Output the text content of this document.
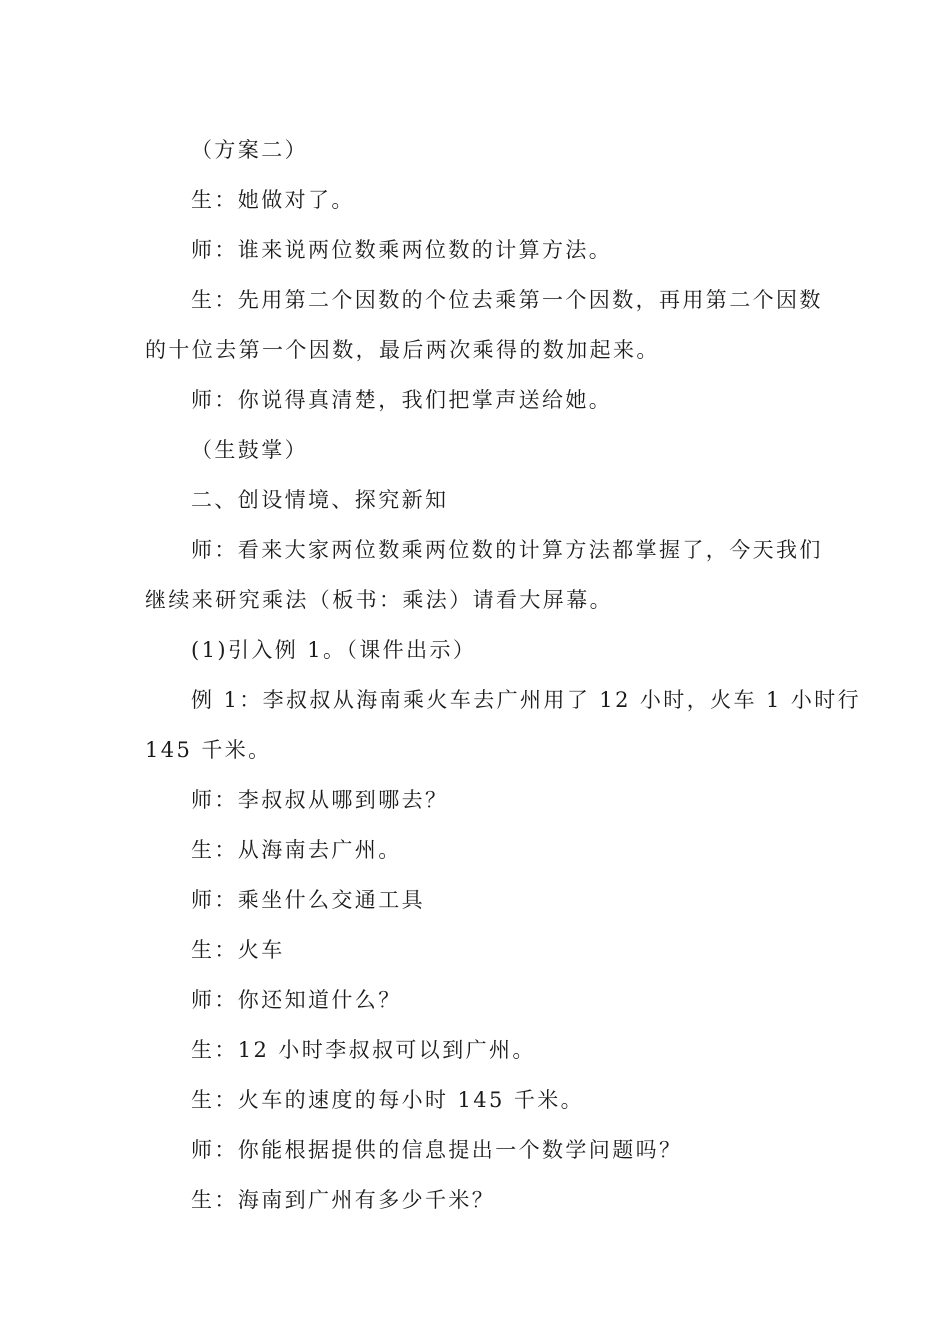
（方案二）

生：她做对了。

师：谁来说两位数乘两位数的计算方法。

生：先用第二个因数的个位去乘第一个因数，再用第二个因数

的十位去第一个因数，最后两次乘得的数加起来。

师：你说得真清楚，我们把掌声送给她。

（生鼓掌）

二、创设情境、探究新知

师：看来大家两位数乘两位数的计算方法都掌握了，今天我们

继续来研究乘法（板书：乘法）请看大屏幕。

(1)引入例 1。（课件出示）

例 1：李叔叔从海南乘火车去广州用了 12 小时，火车 1 小时行

145 千米。

师：李叔叔从哪到哪去？

生：从海南去广州。

师：乘坐什么交通工具

生：火车

师：你还知道什么？

生：12 小时李叔叔可以到广州。

生：火车的速度的每小时 145 千米。

师：你能根据提供的信息提出一个数学问题吗？

生：海南到广州有多少千米？
